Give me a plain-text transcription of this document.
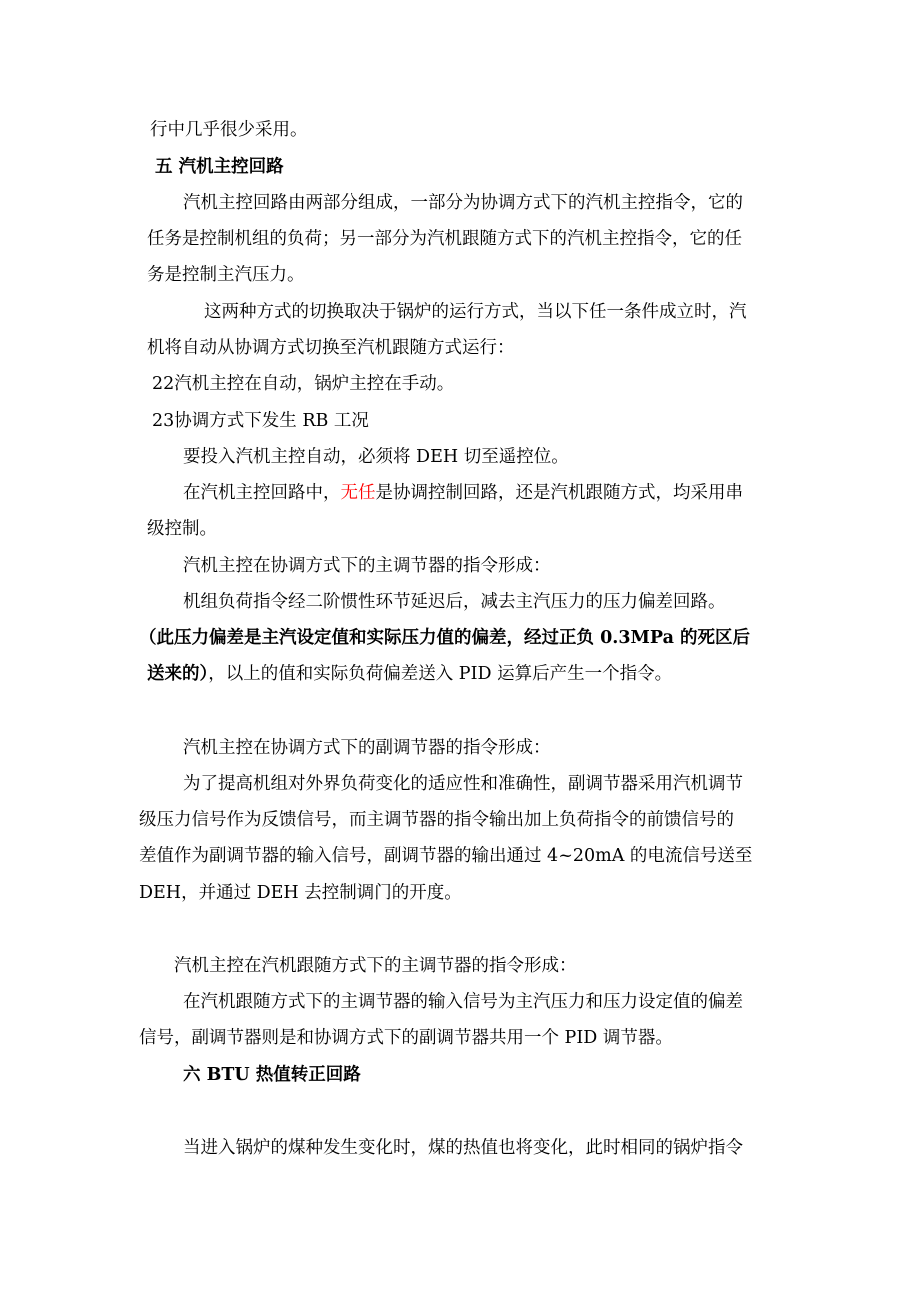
行中几乎很少采用。
五 汽机主控回路
汽机主控回路由两部分组成，一部分为协调方式下的汽机主控指令，它的
任务是控制机组的负荷；另一部分为汽机跟随方式下的汽机主控指令，它的任
务是控制主汽压力。
这两种方式的切换取决于锅炉的运行方式，当以下任一条件成立时，汽
机将自动从协调方式切换至汽机跟随方式运行：
22汽机主控在自动，锅炉主控在手动。
23协调方式下发生 RB 工况
要投入汽机主控自动，必须将 DEH 切至遥控位。
在汽机主控回路中，无任是协调控制回路，还是汽机跟随方式，均采用串
级控制。
汽机主控在协调方式下的主调节器的指令形成：
机组负荷指令经二阶惯性环节延迟后，减去主汽压力的压力偏差回路。
（此压力偏差是主汽设定值和实际压力值的偏差，经过正负 0.3MPa 的死区后
送来的），以上的值和实际负荷偏差送入 PID 运算后产生一个指令。
汽机主控在协调方式下的副调节器的指令形成：
为了提高机组对外界负荷变化的适应性和准确性，副调节器采用汽机调节
级压力信号作为反馈信号，而主调节器的指令输出加上负荷指令的前馈信号的
差值作为副调节器的输入信号，副调节器的输出通过 4~20mA 的电流信号送至
DEH，并通过 DEH 去控制调门的开度。
汽机主控在汽机跟随方式下的主调节器的指令形成：
在汽机跟随方式下的主调节器的输入信号为主汽压力和压力设定值的偏差
信号，副调节器则是和协调方式下的副调节器共用一个 PID 调节器。
六 BTU 热值转正回路
当进入锅炉的煤种发生变化时，煤的热值也将变化，此时相同的锅炉指令
